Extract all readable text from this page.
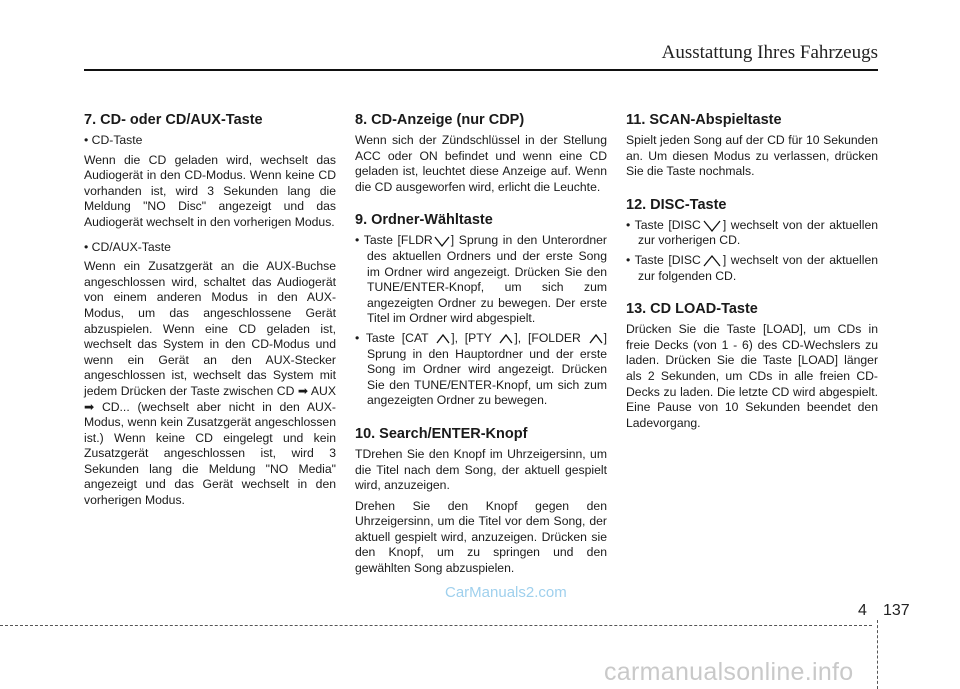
Ausstattung Ihres Fahrzeugs
7. CD- oder CD/AUX-Taste

• CD-Taste

Wenn die CD geladen wird, wechselt das Audiogerät in den CD-Modus. Wenn keine CD vorhanden ist, wird 3 Sekunden lang die Meldung "NO Disc" angezeigt und das Audiogerät wechselt in den vorherigen Modus.

• CD/AUX-Taste

Wenn ein Zusatzgerät an die AUX-Buchse angeschlossen wird, schaltet das Audiogerät von einem anderen Modus in den AUX-Modus, um das angeschlossene Gerät abzuspielen. Wenn eine CD geladen ist, wechselt das System in den CD-Modus und wenn ein Gerät an den AUX-Stecker angeschlossen ist, wechselt das System mit jedem Drücken der Taste zwischen CD ➡ AUX ➡ CD... (wechselt aber nicht in den AUX-Modus, wenn kein Zusatzgerät angeschlossen ist.) Wenn keine CD eingelegt und kein Zusatzgerät angeschlossen ist, wird 3 Sekunden lang die Meldung "NO Media" angezeigt und das Gerät wechselt in den vorherigen Modus.

8. CD-Anzeige (nur CDP)

Wenn sich der Zündschlüssel in der Stellung ACC oder ON befindet und wenn eine CD geladen ist, leuchtet diese Anzeige auf. Wenn die CD ausgeworfen wird, erlicht die Leuchte.

9. Ordner-Wähltaste

• Taste [FLDR ] Sprung in den Unterordner des aktuellen Ordners und der erste Song im Ordner wird angezeigt. Drücken Sie den TUNE/ENTER-Knopf, um sich zum angezeigten Ordner zu bewegen. Der erste Titel im Ordner wird abgespielt.

• Taste [CAT ], [PTY ], [FOLDER ] Sprung in den Hauptordner und der erste Song im Ordner wird angezeigt. Drücken Sie den TUNE/ENTER-Knopf, um sich zum angezeigten Ordner zu bewegen.

10. Search/ENTER-Knopf

TDrehen Sie den Knopf im Uhrzeigersinn, um die Titel nach dem Song, der aktuell gespielt wird, anzuzeigen.

Drehen Sie den Knopf gegen den Uhrzeigersinn, um die Titel vor dem Song, der aktuell gespielt wird, anzuzeigen. Drücken sie den Knopf, um zu springen und den gewählten Song abzuspielen.

11. SCAN-Abspieltaste

Spielt jeden Song auf der CD für 10 Sekunden an. Um diesen Modus zu verlassen, drücken Sie die Taste nochmals.

12. DISC-Taste

• Taste [DISC ] wechselt von der aktuellen zur vorherigen CD.

• Taste [DISC ] wechselt von der aktuellen zur folgenden CD.

13. CD LOAD-Taste

Drücken Sie die Taste [LOAD], um CDs in freie Decks (von 1 - 6) des CD-Wechslers zu laden. Drücken Sie die Taste [LOAD] länger als 2 Sekunden, um CDs in alle freien CD-Decks zu laden. Die letzte CD wird abgespielt. Eine Pause von 10 Sekunden beendet den Ladevorgang.

CarManuals2.com
4 137
carmanualsonline.info
